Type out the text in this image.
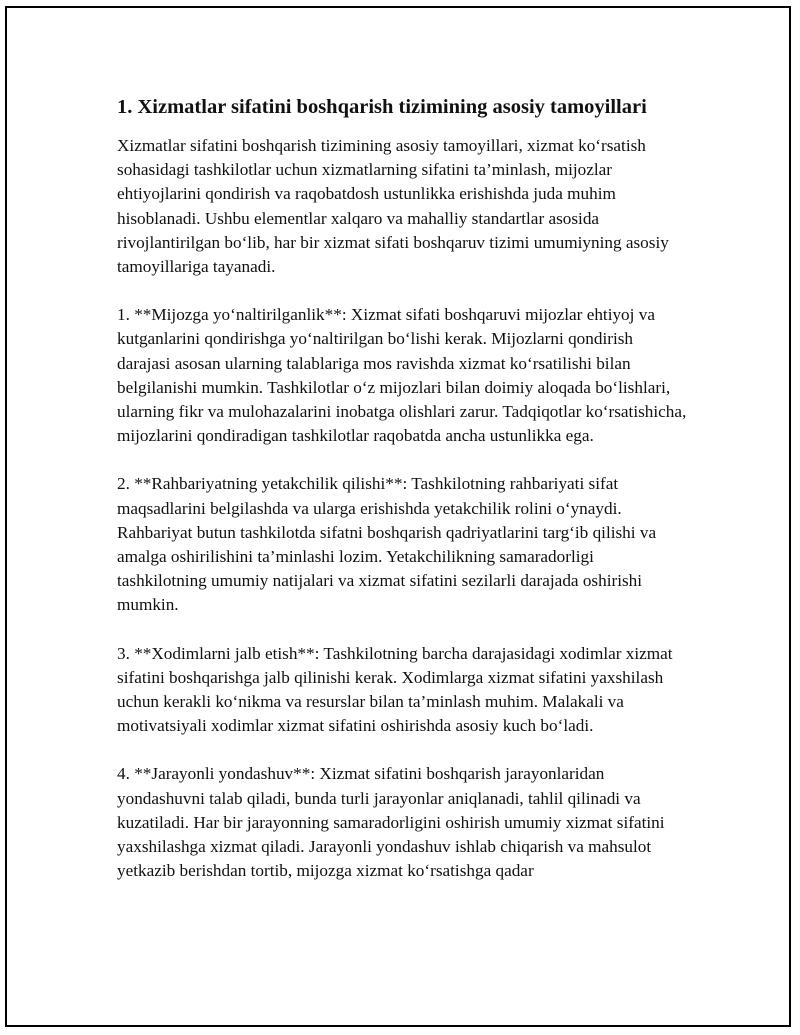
1. Xizmatlar sifatini boshqarish tizimining asosiy tamoyillari

Xizmatlar sifatini boshqarish tizimining asosiy tamoyillari, xizmat ko‘rsatish sohasidagi tashkilotlar uchun xizmatlarning sifatini ta’minlash, mijozlar ehtiyojlarini qondirish va raqobatdosh ustunlikka erishishda juda muhim hisoblanadi. Ushbu elementlar xalqaro va mahalliy standartlar asosida rivojlantirilgan bo‘lib, har bir xizmat sifati boshqaruv tizimi umumiyning asosiy tamoyillariga tayanadi.

1. **Mijozga yo‘naltirilganlik**: Xizmat sifati boshqaruvi mijozlar ehtiyoj va kutganlarini qondirishga yo‘naltirilgan bo‘lishi kerak. Mijozlarni qondirish darajasi asosan ularning talablariga mos ravishda xizmat ko‘rsatilishi bilan belgilanishi mumkin. Tashkilotlar o‘z mijozlari bilan doimiy aloqada bo‘lishlari, ularning fikr va mulohazalarini inobatga olishlari zarur. Tadqiqotlar ko‘rsatishicha, mijozlarini qondiradigan tashkilotlar raqobatda ancha ustunlikka ega.

2. **Rahbariyatning yetakchilik qilishi**: Tashkilotning rahbariyati sifat maqsadlarini belgilashda va ularga erishishda yetakchilik rolini o‘ynaydi. Rahbariyat butun tashkilotda sifatni boshqarish qadriyatlarini targ‘ib qilishi va amalga oshirilishini ta’minlashi lozim. Yetakchilikning samaradorligi tashkilotning umumiy natijalari va xizmat sifatini sezilarli darajada oshirishi mumkin.

3. **Xodimlarni jalb etish**: Tashkilotning barcha darajasidagi xodimlar xizmat sifatini boshqarishga jalb qilinishi kerak. Xodimlarga xizmat sifatini yaxshilash uchun kerakli ko‘nikma va resurslar bilan ta’minlash muhim. Malakali va motivatsiyali xodimlar xizmat sifatini oshirishda asosiy kuch bo‘ladi.

4. **Jarayonli yondashuv**: Xizmat sifatini boshqarish jarayonlaridan yondashuvni talab qiladi, bunda turli jarayonlar aniqlanadi, tahlil qilinadi va kuzatiladi. Har bir jarayonning samaradorligini oshirish umumiy xizmat sifatini yaxshilashga xizmat qiladi. Jarayonli yondashuv ishlab chiqarish va mahsulot yetkazib berishdan tortib, mijozga xizmat ko‘rsatishga qadar
